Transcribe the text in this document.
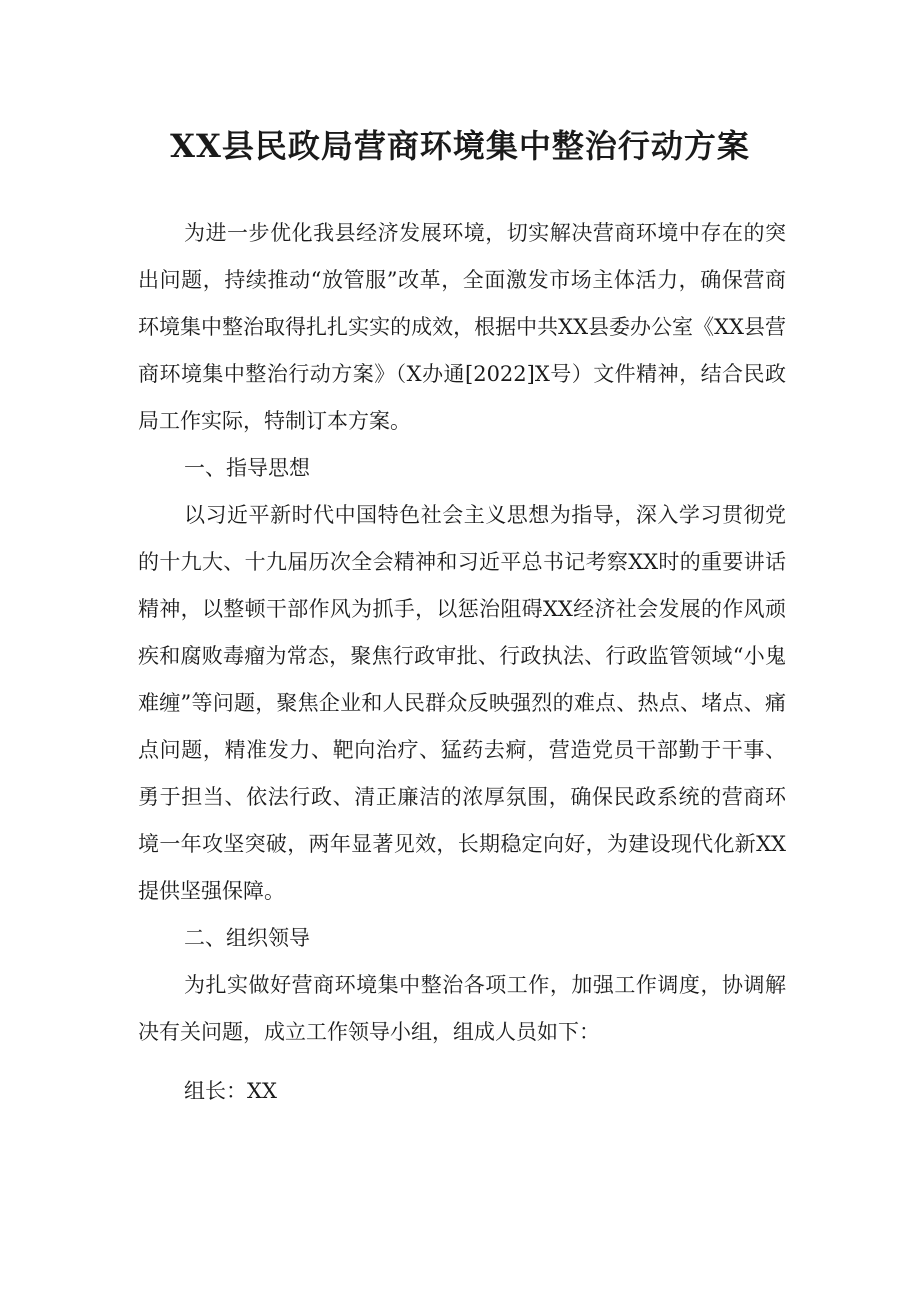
XX县民政局营商环境集中整治行动方案

为进一步优化我县经济发展环境，切实解决营商环境中存在的突出问题，持续推动“放管服”改革，全面激发市场主体活力，确保营商环境集中整治取得扎扎实实的成效，根据中共XX县委办公室《XX县营商环境集中整治行动方案》（X办通[2022]X号）文件精神，结合民政局工作实际，特制订本方案。

一、指导思想

以习近平新时代中国特色社会主义思想为指导，深入学习贯彻党的十九大、十九届历次全会精神和习近平总书记考察XX时的重要讲话精神，以整顿干部作风为抓手，以惩治阻碍XX经济社会发展的作风顽疾和腐败毒瘤为常态，聚焦行政审批、行政执法、行政监管领域“小鬼难缠”等问题，聚焦企业和人民群众反映强烈的难点、热点、堵点、痛点问题，精准发力、靶向治疗、猛药去痾，营造党员干部勤于干事、勇于担当、依法行政、清正廉洁的浓厚氛围，确保民政系统的营商环境一年攻坚突破，两年显著见效，长期稳定向好，为建设现代化新XX提供坚强保障。

二、组织领导

为扎实做好营商环境集中整治各项工作，加强工作调度，协调解决有关问题，成立工作领导小组，组成人员如下：

组长：XX
